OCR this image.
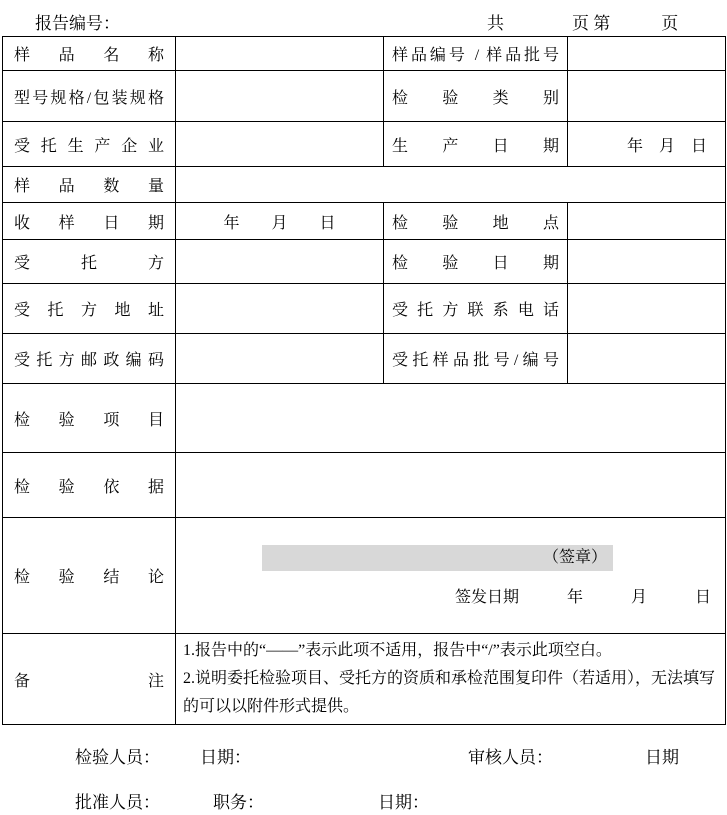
报告编号：	共　　　　页 第　　　页
样品名称		样品编号 / 样品批号	
型号规格/包装规格		检验类别	
受托生产企业		生产日期	年　月　日
样品数量			
收样日期	年　　月　　日	检验地点	
受托方		检验日期	
受托方地址		受托方联系电话	
受托方邮政编码		受托样品批号/编号	
检验项目			
检验依据			
检验结论	（签章）
签发日期　　　年　　　月　　　日		

备注	1.报告中的“——”表示此项不适用，报告中“/”表示此项空白。
2.说明委托检验项目、受托方的资质和承检范围复印件（若适用），无法填写的可以以附件形式提供。		
检验人员： 日期：	审核人员：	日期
批准人员：	职务：	日期：
